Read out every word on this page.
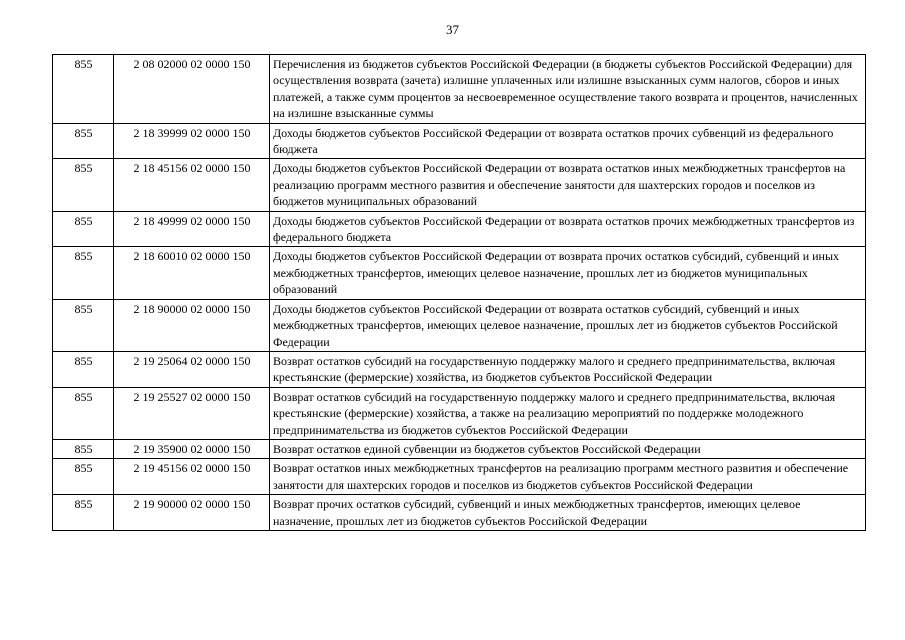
37
855	2 08 02000 02 0000 150	Перечисления из бюджетов субъектов Российской Федерации (в бюджеты субъектов Российской Федерации) для осуществления возврата (зачета) излишне уплаченных или излишне взысканных сумм налогов, сборов и иных платежей, а также сумм процентов за несвоевременное осуществление такого возврата и процентов, начисленных на излишне взысканные суммы
855	2 18 39999 02 0000 150	Доходы бюджетов субъектов Российской Федерации от возврата остатков прочих субвенций из федерального бюджета
855	2 18 45156 02 0000 150	Доходы бюджетов субъектов Российской Федерации от возврата остатков иных межбюджетных трансфертов на реализацию программ местного развития и обеспечение занятости для шахтерских городов и поселков из бюджетов муниципальных образований
855	2 18 49999 02 0000 150	Доходы бюджетов субъектов Российской Федерации от возврата остатков прочих межбюджетных трансфертов из федерального бюджета
855	2 18 60010 02 0000 150	Доходы бюджетов субъектов Российской Федерации от возврата прочих остатков субсидий, субвенций и иных межбюджетных трансфертов, имеющих целевое назначение, прошлых лет из бюджетов муниципальных образований
855	2 18 90000 02 0000 150	Доходы бюджетов субъектов Российской Федерации от возврата остатков субсидий, субвенций и иных межбюджетных трансфертов, имеющих целевое назначение, прошлых лет из бюджетов субъектов Российской Федерации
855	2 19 25064 02 0000 150	Возврат остатков субсидий на государственную поддержку малого и среднего предпринимательства, включая крестьянские (фермерские) хозяйства, из бюджетов субъектов Российской Федерации
855	2 19 25527 02 0000 150	Возврат остатков субсидий на государственную поддержку малого и среднего предпринимательства, включая крестьянские (фермерские) хозяйства, а также на реализацию мероприятий по поддержке молодежного предпринимательства из бюджетов субъектов Российской Федерации
855	2 19 35900 02 0000 150	Возврат остатков единой субвенции из бюджетов субъектов Российской Федерации
855	2 19 45156 02 0000 150	Возврат остатков иных межбюджетных трансфертов на реализацию программ местного развития и обеспечение занятости для шахтерских городов и поселков из бюджетов субъектов Российской Федерации
855	2 19 90000 02 0000 150	Возврат прочих остатков субсидий, субвенций и иных межбюджетных трансфертов, имеющих целевое назначение, прошлых лет из бюджетов субъектов Российской Федерации
